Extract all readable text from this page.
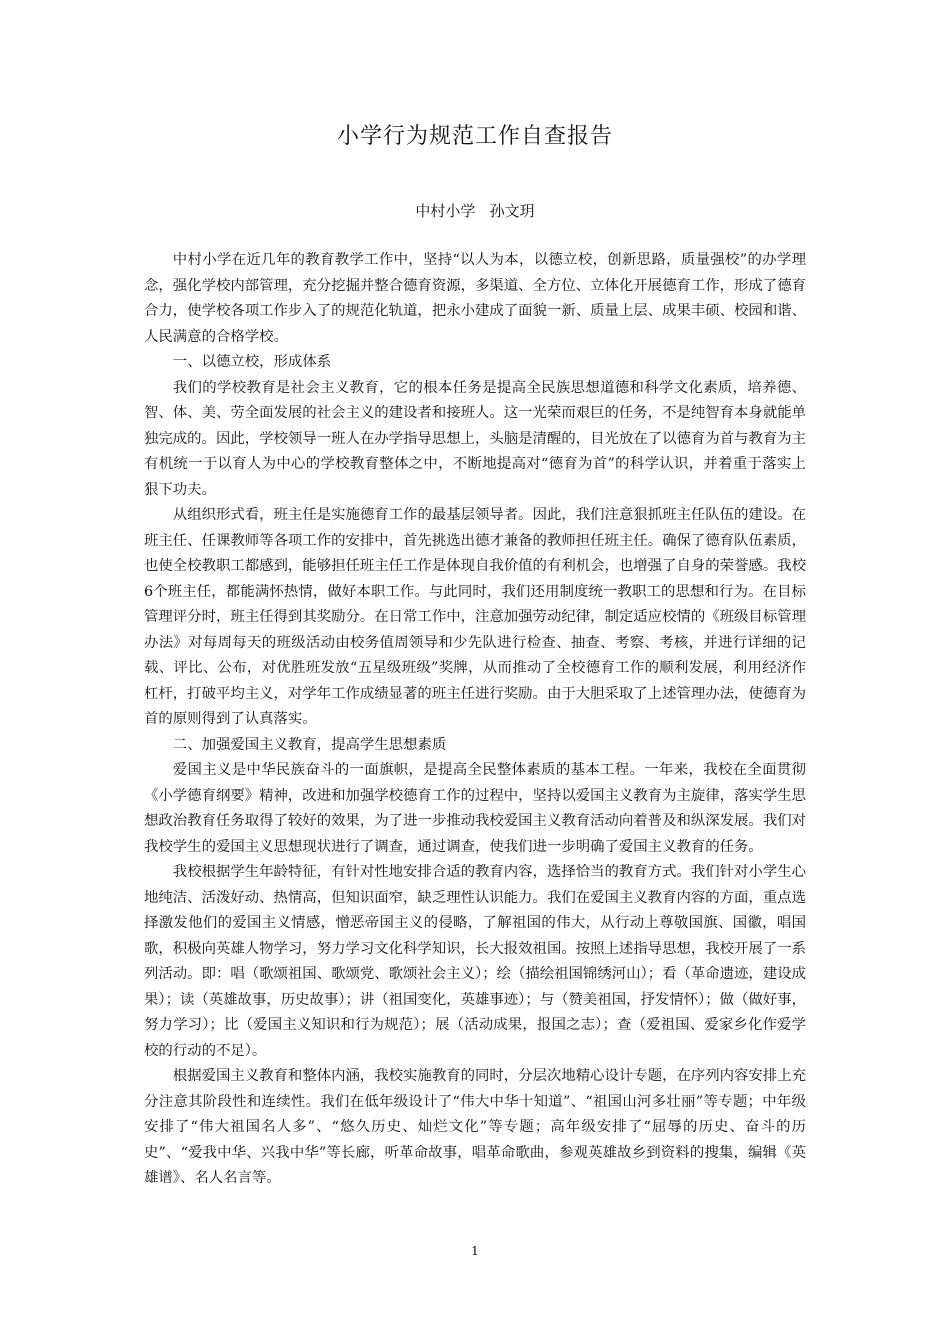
小学行为规范工作自查报告
中村小学   孙文玥

中村小学在近几年的教育教学工作中，坚持“以人为本，以德立校，创新思路，质量强校”的办学理念，强化学校内部管理，充分挖掘并整合德育资源，多渠道、全方位、立体化开展德育工作，形成了德育合力，使学校各项工作步入了的规范化轨道，把永小建成了面貌一新、质量上层、成果丰硕、校园和谐、人民满意的合格学校。

一、以德立校，形成体系

我们的学校教育是社会主义教育，它的根本任务是提高全民族思想道德和科学文化素质，培养德、智、体、美、劳全面发展的社会主义的建设者和接班人。这一光荣而艰巨的任务，不是纯智育本身就能单独完成的。因此，学校领导一班人在办学指导思想上，头脑是清醒的，目光放在了以德育为首与教育为主有机统一于以育人为中心的学校教育整体之中，不断地提高对“德育为首”的科学认识，并着重于落实上狠下功夫。

从组织形式看，班主任是实施德育工作的最基层领导者。因此，我们注意狠抓班主任队伍的建设。在班主任、任课教师等各项工作的安排中，首先挑选出德才兼备的教师担任班主任。确保了德育队伍素质，也使全校教职工都感到，能够担任班主任工作是体现自我价值的有利机会，也增强了自身的荣誉感。我校6个班主任，都能满怀热情，做好本职工作。与此同时，我们还用制度统一教职工的思想和行为。在目标管理评分时，班主任得到其奖励分。在日常工作中，注意加强劳动纪律，制定适应校情的《班级目标管理办法》对每周每天的班级活动由校务值周领导和少先队进行检查、抽查、考察、考核，并进行详细的记载、评比、公布，对优胜班发放“五星级班级”奖牌，从而推动了全校德育工作的顺利发展，利用经济作杠杆，打破平均主义，对学年工作成绩显著的班主任进行奖励。由于大胆采取了上述管理办法，使德育为首的原则得到了认真落实。

二、加强爱国主义教育，提高学生思想素质

爱国主义是中华民族奋斗的一面旗帜，是提高全民整体素质的基本工程。一年来，我校在全面贯彻《小学德育纲要》精神，改进和加强学校德育工作的过程中，坚持以爱国主义教育为主旋律，落实学生思想政治教育任务取得了较好的效果，为了进一步推动我校爱国主义教育活动向着普及和纵深发展。我们对我校学生的爱国主义思想现状进行了调查，通过调查，使我们进一步明确了爱国主义教育的任务。

我校根据学生年龄特征，有针对性地安排合适的教育内容，选择恰当的教育方式。我们针对小学生心地纯洁、活泼好动、热情高，但知识面窄，缺乏理性认识能力。我们在爱国主义教育内容的方面，重点选择激发他们的爱国主义情感，憎恶帝国主义的侵略，了解祖国的伟大，从行动上尊敬国旗、国徽，唱国歌，积极向英雄人物学习，努力学习文化科学知识，长大报效祖国。按照上述指导思想，我校开展了一系列活动。即：唱（歌颂祖国、歌颂党、歌颂社会主义）；绘（描绘祖国锦绣河山）；看（革命遗迹，建设成果）；读（英雄故事，历史故事）；讲（祖国变化，英雄事迹）；与（赞美祖国，抒发情怀）；做（做好事，努力学习）；比（爱国主义知识和行为规范）；展（活动成果，报国之志）；查（爱祖国、爱家乡化作爱学校的行动的不足）。

根据爱国主义教育和整体内涵，我校实施教育的同时，分层次地精心设计专题，在序列内容安排上充分注意其阶段性和连续性。我们在低年级设计了“伟大中华十知道”、“祖国山河多壮丽”等专题；中年级安排了“伟大祖国名人多”、“悠久历史、灿烂文化”等专题；高年级安排了“屈辱的历史、奋斗的历史”、“爱我中华、兴我中华”等长廊，听革命故事，唱革命歌曲，参观英雄故乡到资料的搜集，编辑《英雄谱》、名人名言等。

1
